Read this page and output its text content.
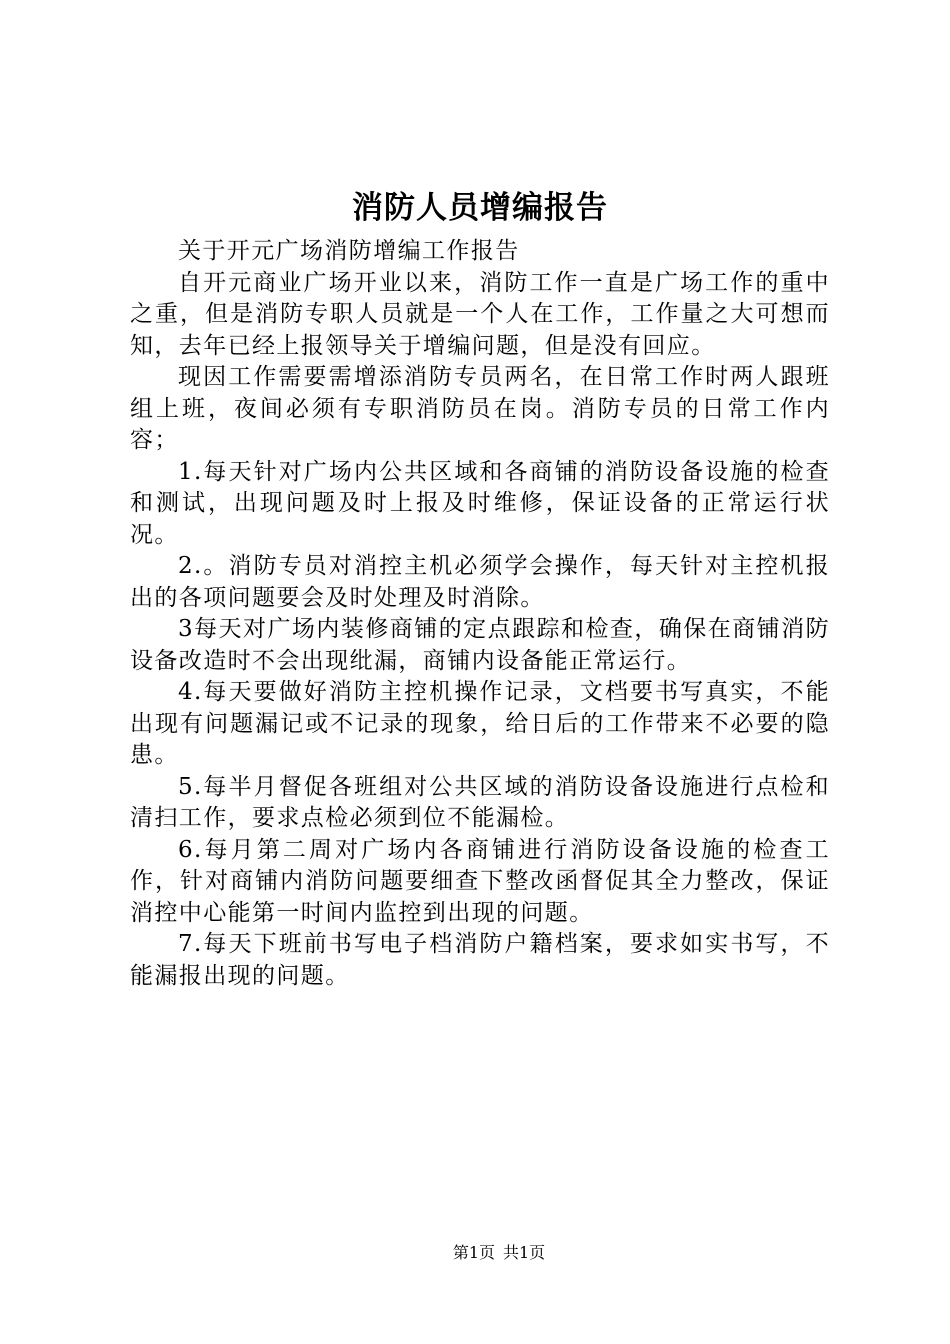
消防人员增编报告

关于开元广场消防增编工作报告

自开元商业广场开业以来，消防工作一直是广场工作的重中之重，但是消防专职人员就是一个人在工作，工作量之大可想而知，去年已经上报领导关于增编问题，但是没有回应。

现因工作需要需增添消防专员两名，在日常工作时两人跟班组上班，夜间必须有专职消防员在岗。消防专员的日常工作内容；

1.每天针对广场内公共区域和各商铺的消防设备设施的检查和测试，出现问题及时上报及时维修，保证设备的正常运行状况。

2.。消防专员对消控主机必须学会操作，每天针对主控机报出的各项问题要会及时处理及时消除。

3每天对广场内装修商铺的定点跟踪和检查，确保在商铺消防设备改造时不会出现纰漏，商铺内设备能正常运行。

4.每天要做好消防主控机操作记录，文档要书写真实，不能出现有问题漏记或不记录的现象，给日后的工作带来不必要的隐患。

5.每半月督促各班组对公共区域的消防设备设施进行点检和清扫工作，要求点检必须到位不能漏检。

6.每月第二周对广场内各商铺进行消防设备设施的检查工作，针对商铺内消防问题要细查下整改函督促其全力整改，保证消控中心能第一时间内监控到出现的问题。

7.每天下班前书写电子档消防户籍档案，要求如实书写，不能漏报出现的问题。

第1页 共1页
